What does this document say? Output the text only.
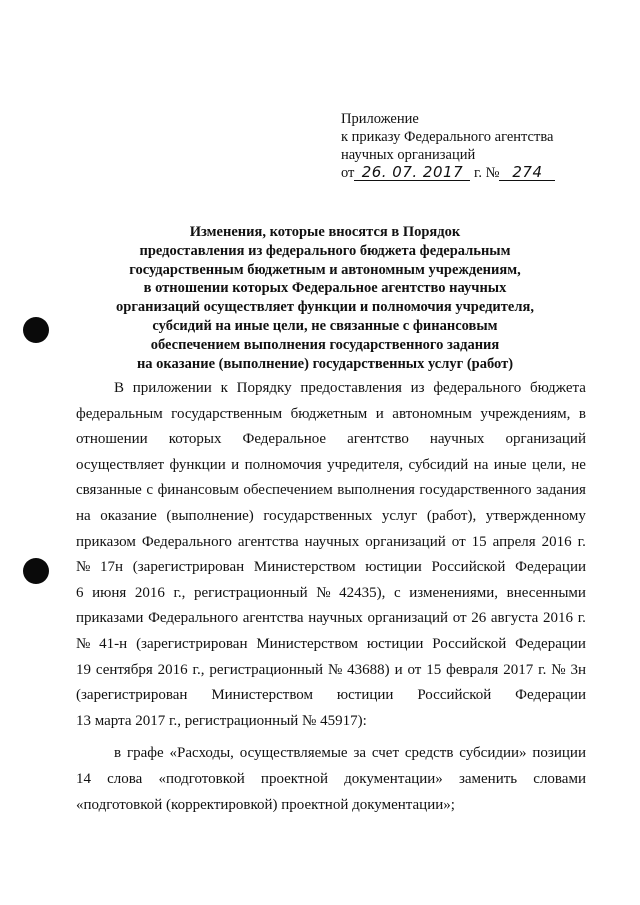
Приложение
к приказу Федерального агентства
научных организаций
от 26. 07. 2017 г. № 274
Изменения, которые вносятся в Порядок
предоставления из федерального бюджета федеральным
государственным бюджетным и автономным учреждениям,
в отношении которых Федеральное агентство научных
организаций осуществляет функции и полномочия учредителя,
субсидий на иные цели, не связанные с финансовым
обеспечением выполнения государственного задания
на оказание (выполнение) государственных услуг (работ)
В приложении к Порядку предоставления из федерального бюджета
федеральным государственным бюджетным и автономным учреждениям, в
отношении которых Федеральное агентство научных организаций
осуществляет функции и полномочия учредителя, субсидий на иные цели, не
связанные с финансовым обеспечением выполнения государственного задания
на оказание (выполнение) государственных услуг (работ), утвержденному
приказом Федерального агентства научных организаций от 15 апреля 2016 г.
№ 17н (зарегистрирован Министерством юстиции Российской Федерации
6 июня 2016 г., регистрационный № 42435), с изменениями, внесенными
приказами Федерального агентства научных организаций от 26 августа 2016 г.
№ 41-н (зарегистрирован Министерством юстиции Российской Федерации
19 сентября 2016 г., регистрационный № 43688) и от 15 февраля 2017 г. № 3н
(зарегистрирован Министерством юстиции Российской Федерации
13 марта 2017 г., регистрационный № 45917):
в графе «Расходы, осуществляемые за счет средств субсидии» позиции
14 слова «подготовкой проектной документации» заменить словами
«подготовкой (корректировкой) проектной документации»;
